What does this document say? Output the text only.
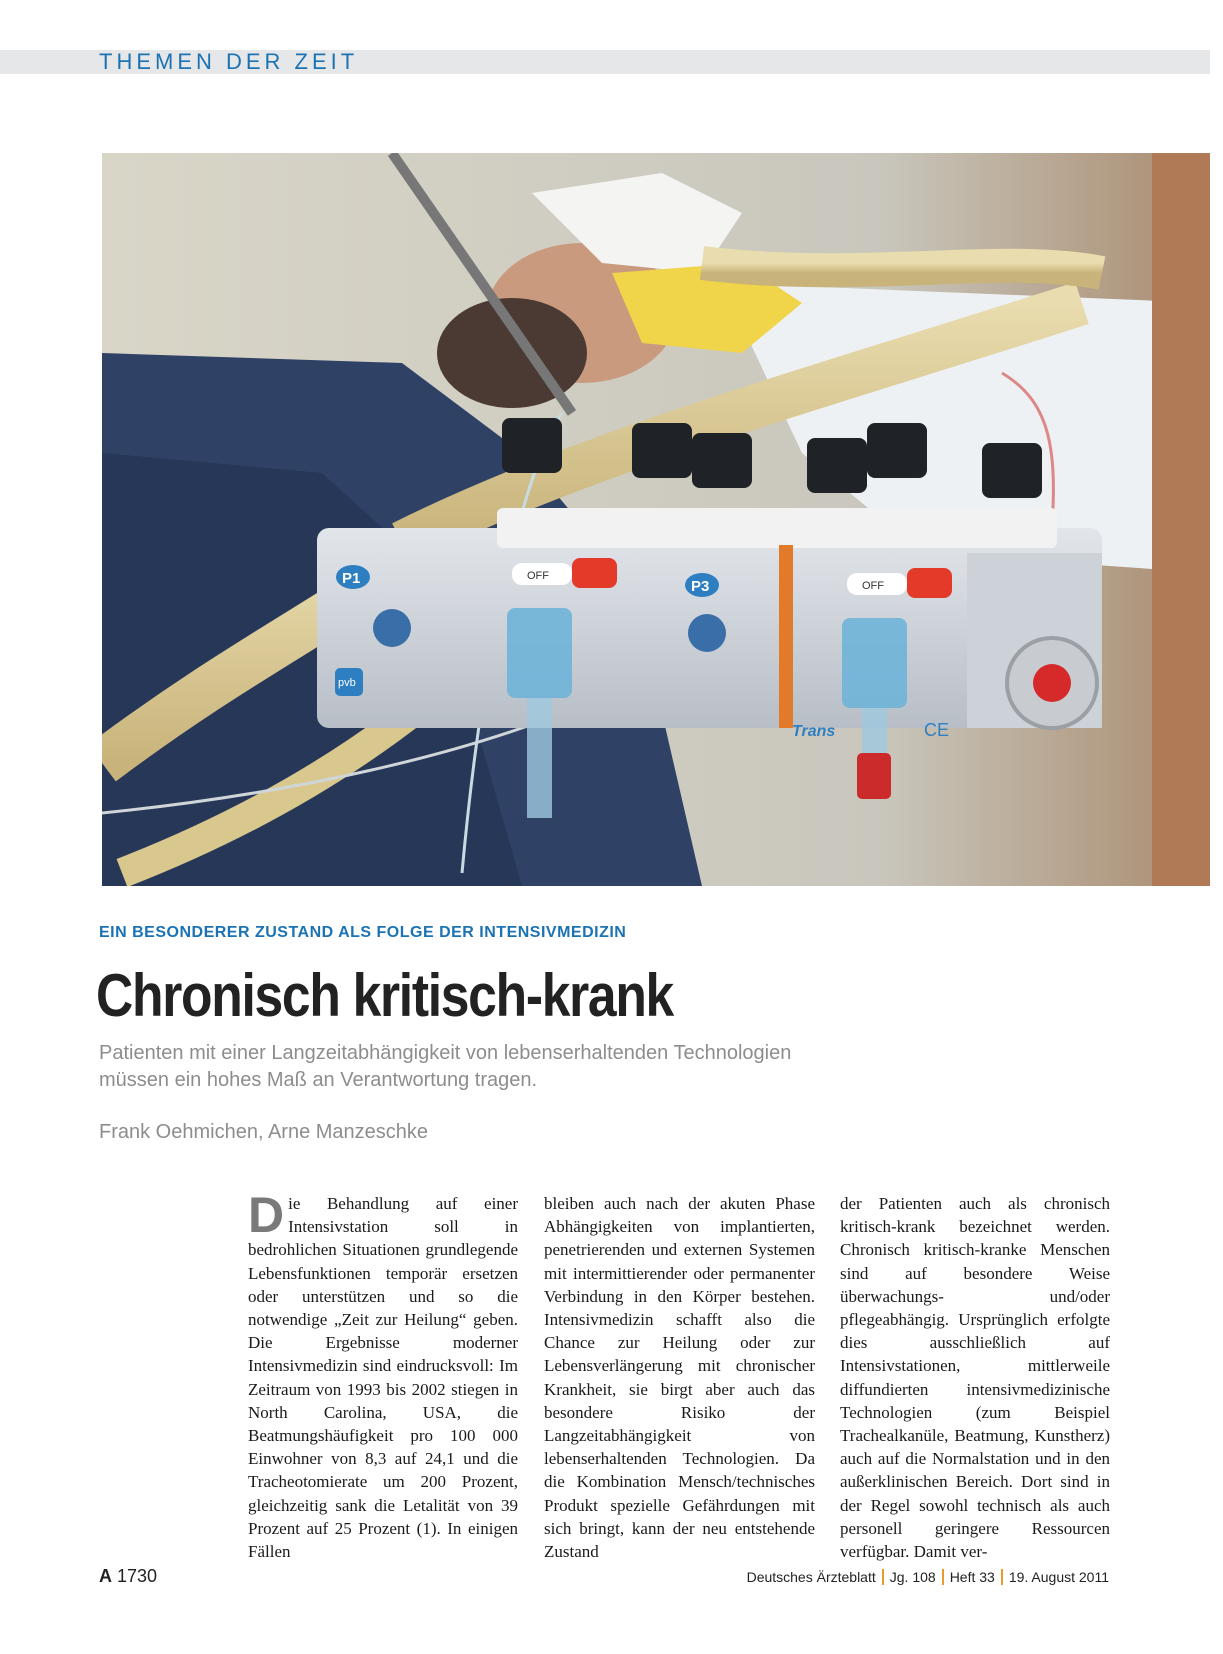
THEMEN DER ZEIT
OFF
OFF
P1	P3
pvb
Trans	CE
EIN BESONDERER ZUSTAND ALS FOLGE DER INTENSIVMEDIZIN
Chronisch kritisch-krank
Patienten mit einer Langzeitabhängigkeit von lebenserhaltenden Technologien
müssen ein hohes Maß an Verantwortung tragen.
Frank Oehmichen, Arne Manzeschke
Die Behandlung auf einer Intensivstation soll in bedrohlichen Situationen grundlegende Lebensfunktionen temporär ersetzen oder unterstützen und so die notwendige „Zeit zur Heilung“ geben. Die Ergebnisse moderner Intensivmedizin sind eindrucksvoll: Im Zeitraum von 1993 bis 2002 stiegen in North Carolina, USA, die Beatmungshäufigkeit pro 100 000 Einwohner von 8,3 auf 24,1 und die Tracheotomierate um 200 Prozent, gleichzeitig sank die Letalität von 39 Prozent auf 25 Prozent (1). In einigen Fällen
bleiben auch nach der akuten Phase Abhängigkeiten von implantierten, penetrierenden und externen Systemen mit intermittierender oder permanenter Verbindung in den Körper bestehen. Intensivmedizin schafft also die Chance zur Heilung oder zur Lebensverlängerung mit chronischer Krankheit, sie birgt aber auch das besondere Risiko der Langzeitabhängigkeit von lebenserhaltenden Technologien. Da die Kombination Mensch/technisches Produkt spezielle Gefährdungen mit sich bringt, kann der neu entstehende Zustand
der Patienten auch als chronisch kritisch-krank bezeichnet werden. Chronisch kritisch-kranke Menschen sind auf besondere Weise überwachungs- und/oder pflegeabhängig. Ursprünglich erfolgte dies ausschließlich auf Intensivstationen, mittlerweile diffundierten intensivmedizinische Technologien (zum Beispiel Trachealkanüle, Beatmung, Kunstherz) auch auf die Normalstation und in den außerklinischen Bereich. Dort sind in der Regel sowohl technisch als auch personell geringere Ressourcen verfügbar. Damit ver-
A 1730	Deutsches Ärzteblatt Jg. 108 Heft 33 19. August 2011
